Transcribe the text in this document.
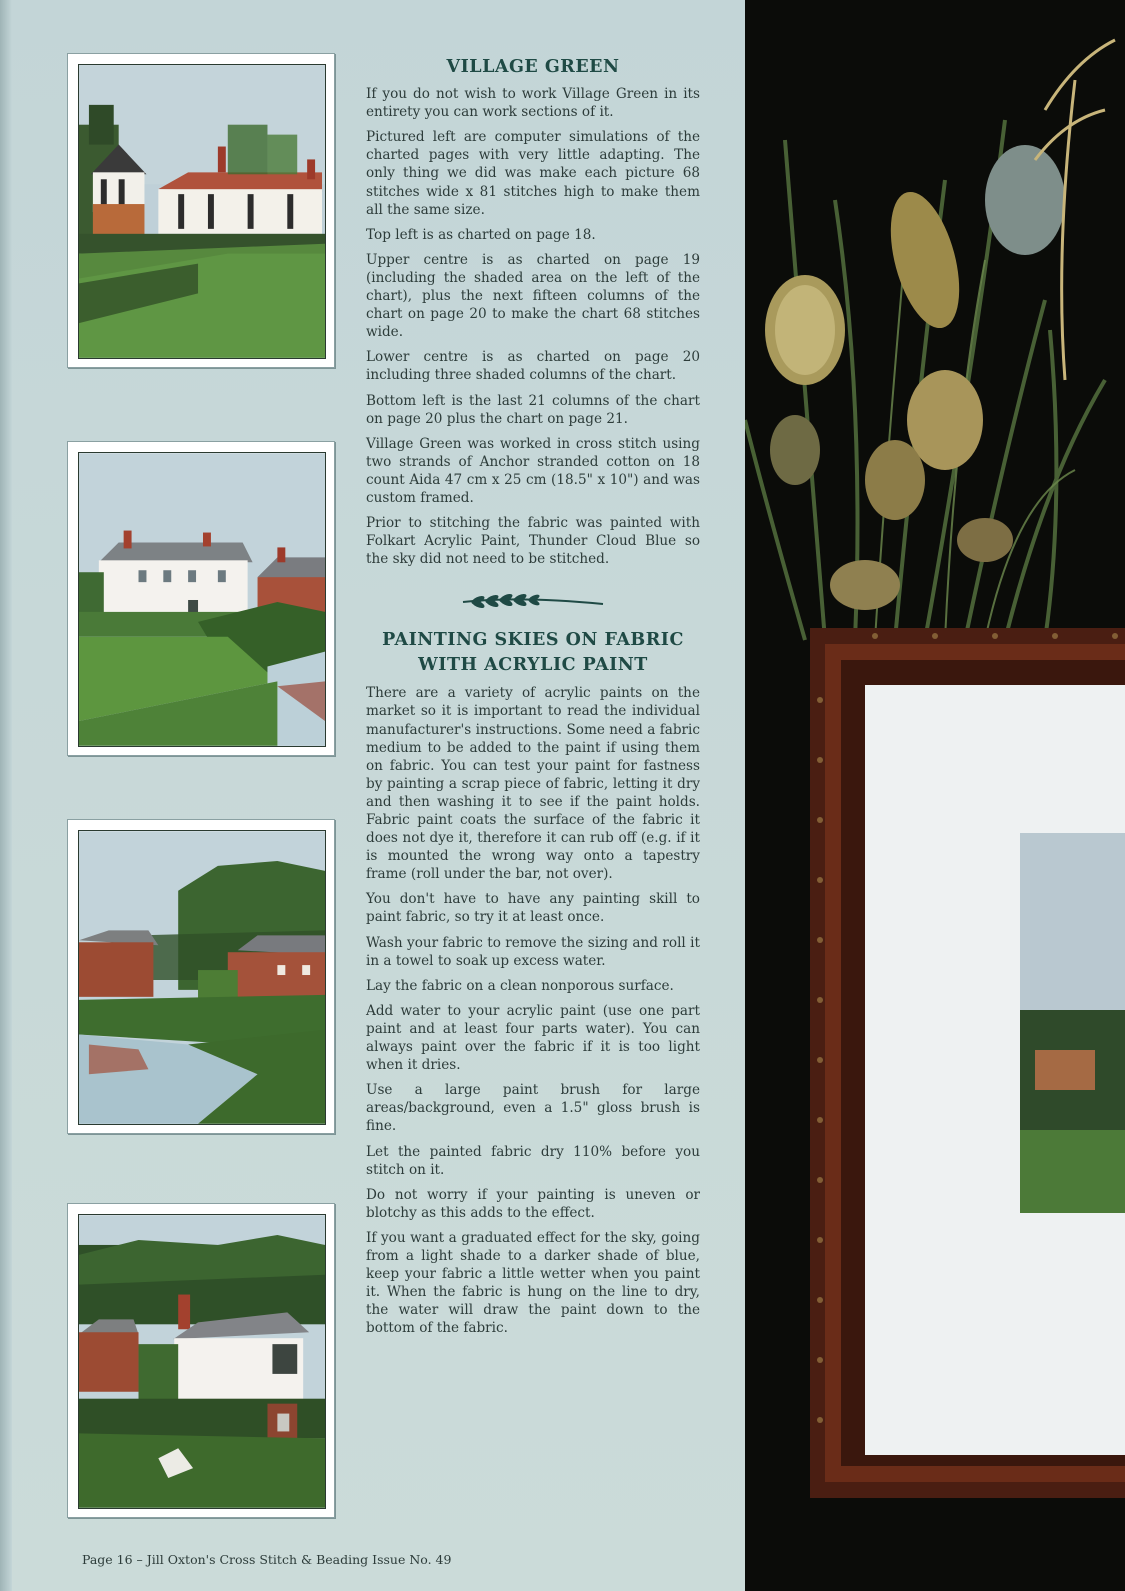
VILLAGE GREEN

If you do not wish to work Village Green in its entirety you can work sections of it.

Pictured left are computer simulations of the charted pages with very little adapting. The only thing we did was make each picture 68 stitches wide x 81 stitches high to make them all the same size.

Top left is as charted on page 18.

Upper centre is as charted on page 19 (including the shaded area on the left of the chart), plus the next fifteen columns of the chart on page 20 to make the chart 68 stitches wide.

Lower centre is as charted on page 20 including three shaded columns of the chart.

Bottom left is the last 21 columns of the chart on page 20 plus the chart on page 21.

Village Green was worked in cross stitch using two strands of Anchor stranded cotton on 18 count Aida 47 cm x 25 cm (18.5" x 10") and was custom framed.

Prior to stitching the fabric was painted with Folkart Acrylic Paint, Thunder Cloud Blue so the sky did not need to be stitched.

PAINTING SKIES ON FABRIC
WITH ACRYLIC PAINT

There are a variety of acrylic paints on the market so it is important to read the individual manufacturer's instructions. Some need a fabric medium to be added to the paint if using them on fabric. You can test your paint for fastness by painting a scrap piece of fabric, letting it dry and then washing it to see if the paint holds. Fabric paint coats the surface of the fabric it does not dye it, therefore it can rub off (e.g. if it is mounted the wrong way onto a tapestry frame (roll under the bar, not over).

You don't have to have any painting skill to paint fabric, so try it at least once.

Wash your fabric to remove the sizing and roll it in a towel to soak up excess water.

Lay the fabric on a clean nonporous surface.

Add water to your acrylic paint (use one part paint and at least four parts water). You can always paint over the fabric if it is too light when it dries.

Use a large paint brush for large areas/background, even a 1.5" gloss brush is fine.

Let the painted fabric dry 110% before you stitch on it.

Do not worry if your painting is uneven or blotchy as this adds to the effect.

If you want a graduated effect for the sky, going from a light shade to a darker shade of blue, keep your fabric a little wetter when you paint it. When the fabric is hung on the line to dry, the water will draw the paint down to the bottom of the fabric.

Page 16 – Jill Oxton's Cross Stitch & Beading Issue No. 49
